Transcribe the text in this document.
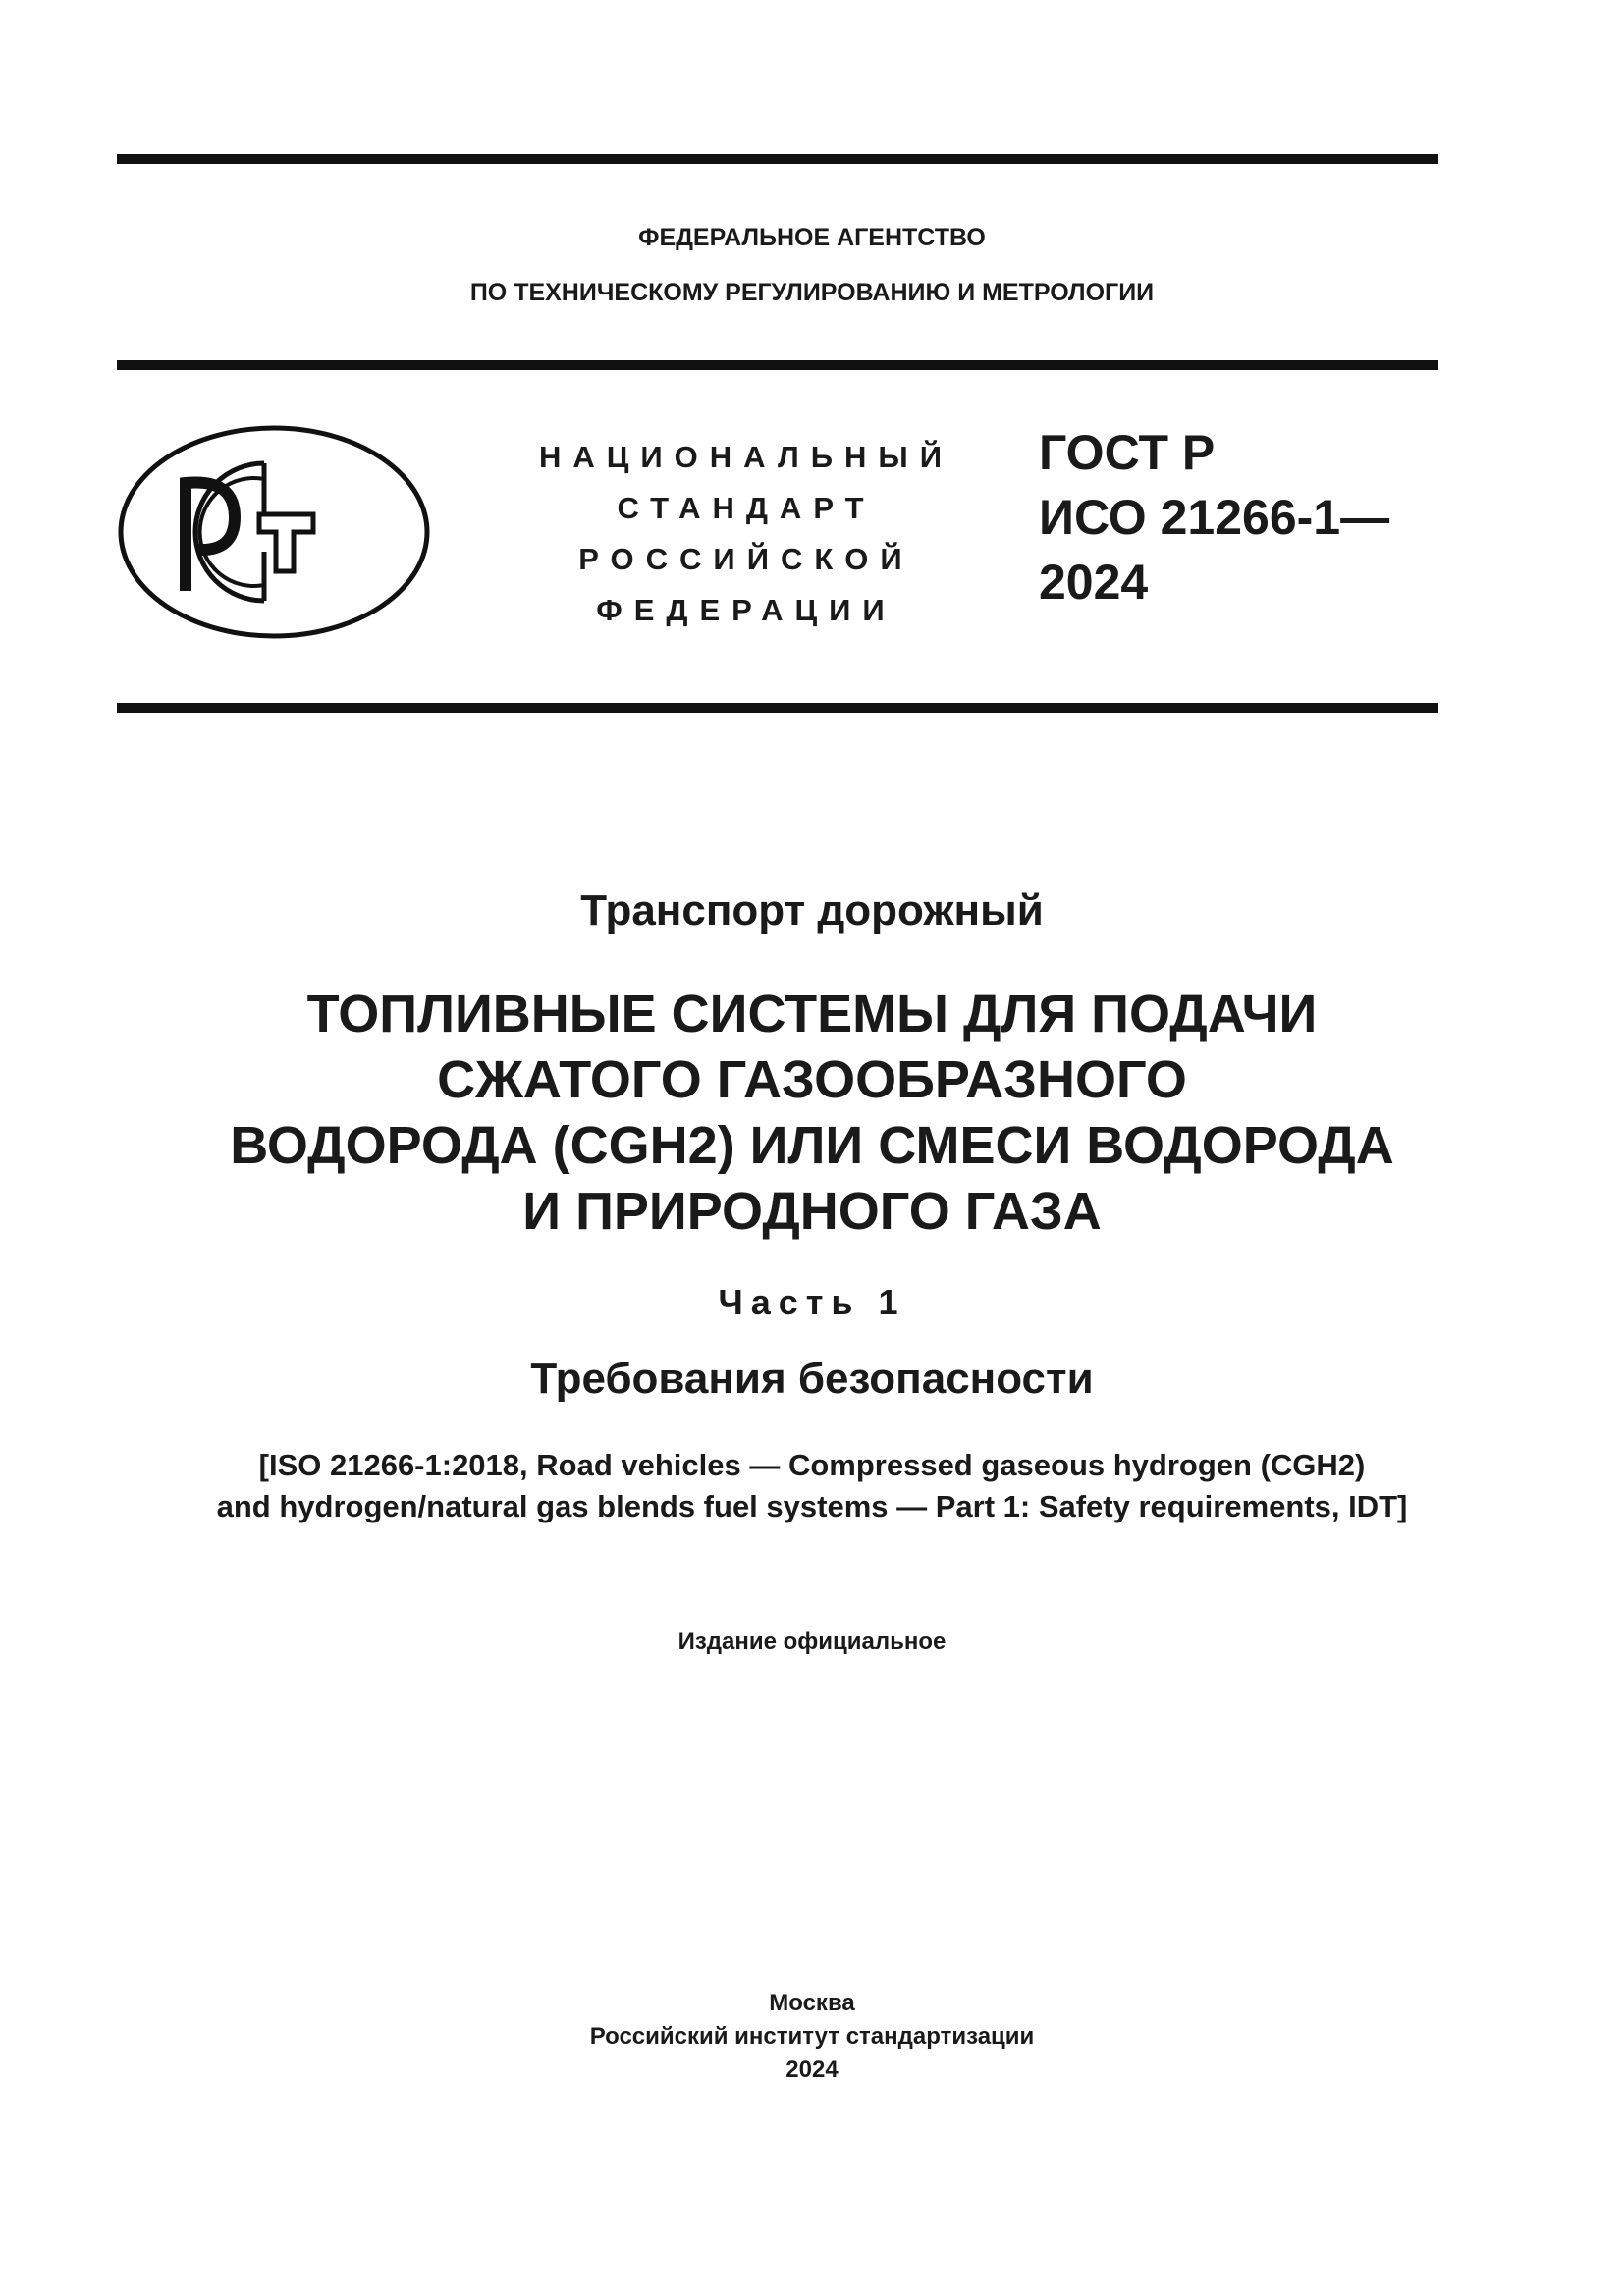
ФЕДЕРАЛЬНОЕ АГЕНТСТВО
ПО ТЕХНИЧЕСКОМУ РЕГУЛИРОВАНИЮ И МЕТРОЛОГИИ
НАЦИОНАЛЬНЫЙ
СТАНДАРТ
РОССИЙСКОЙ
ФЕДЕРАЦИИ
ГОСТ Р
ИСО 21266-1—
2024
Транспорт дорожный
ТОПЛИВНЫЕ СИСТЕМЫ ДЛЯ ПОДАЧИ
СЖАТОГО ГАЗООБРАЗНОГО
ВОДОРОДА (CGH2) ИЛИ СМЕСИ ВОДОРОДА
И ПРИРОДНОГО ГАЗА
Часть 1
Требования безопасности
[ISO 21266-1:2018, Road vehicles — Compressed gaseous hydrogen (CGH2)
and hydrogen/natural gas blends fuel systems — Part 1: Safety requirements, IDT]
Издание официальное
Москва
Российский институт стандартизации
2024
